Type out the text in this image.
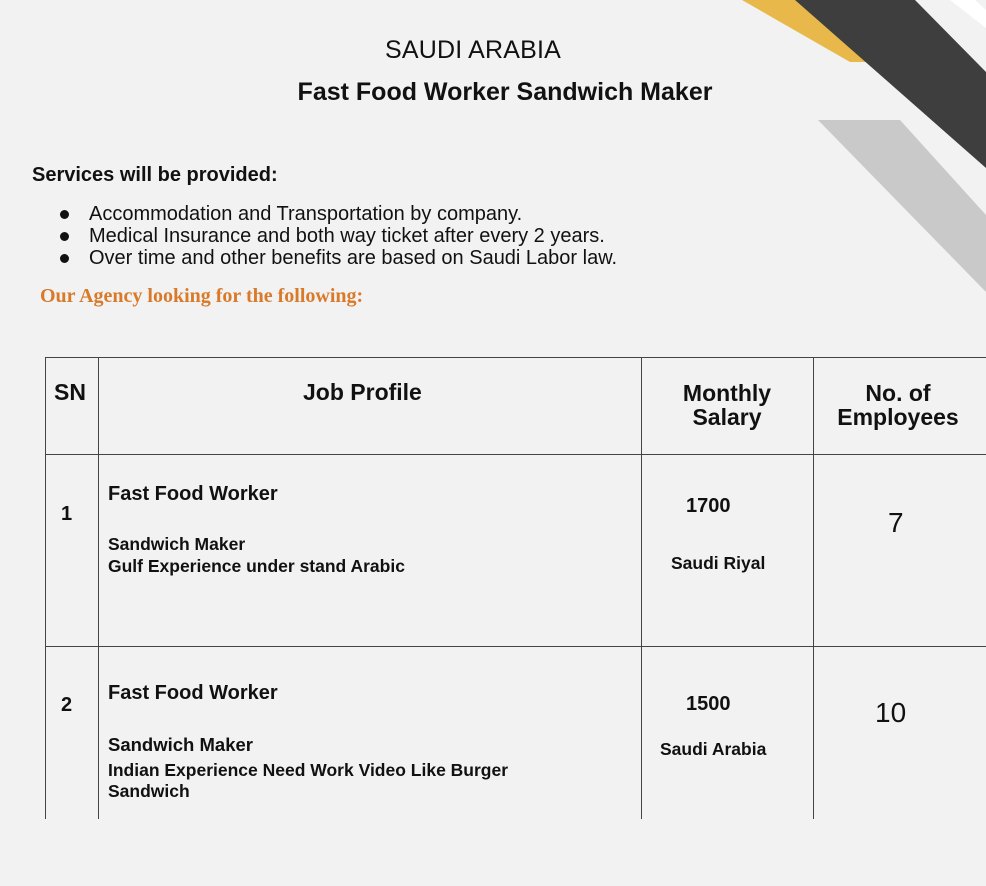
SAUDI ARABIA
Fast Food Worker Sandwich Maker
Services will be provided:
Accommodation and Transportation by company.
Medical Insurance and both way ticket after every 2 years.
Over time and other benefits are based on Saudi Labor law.
Our Agency looking for the following:
SN	Job Profile	Monthly
Salary
No. of
Employees
1
Fast Food Worker
Sandwich Maker
Gulf Experience under stand Arabic
1700
Saudi Riyal
7
2
Fast Food Worker
Sandwich Maker
Indian Experience Need Work Video Like Burger
Sandwich
1500
Saudi Arabia
10
